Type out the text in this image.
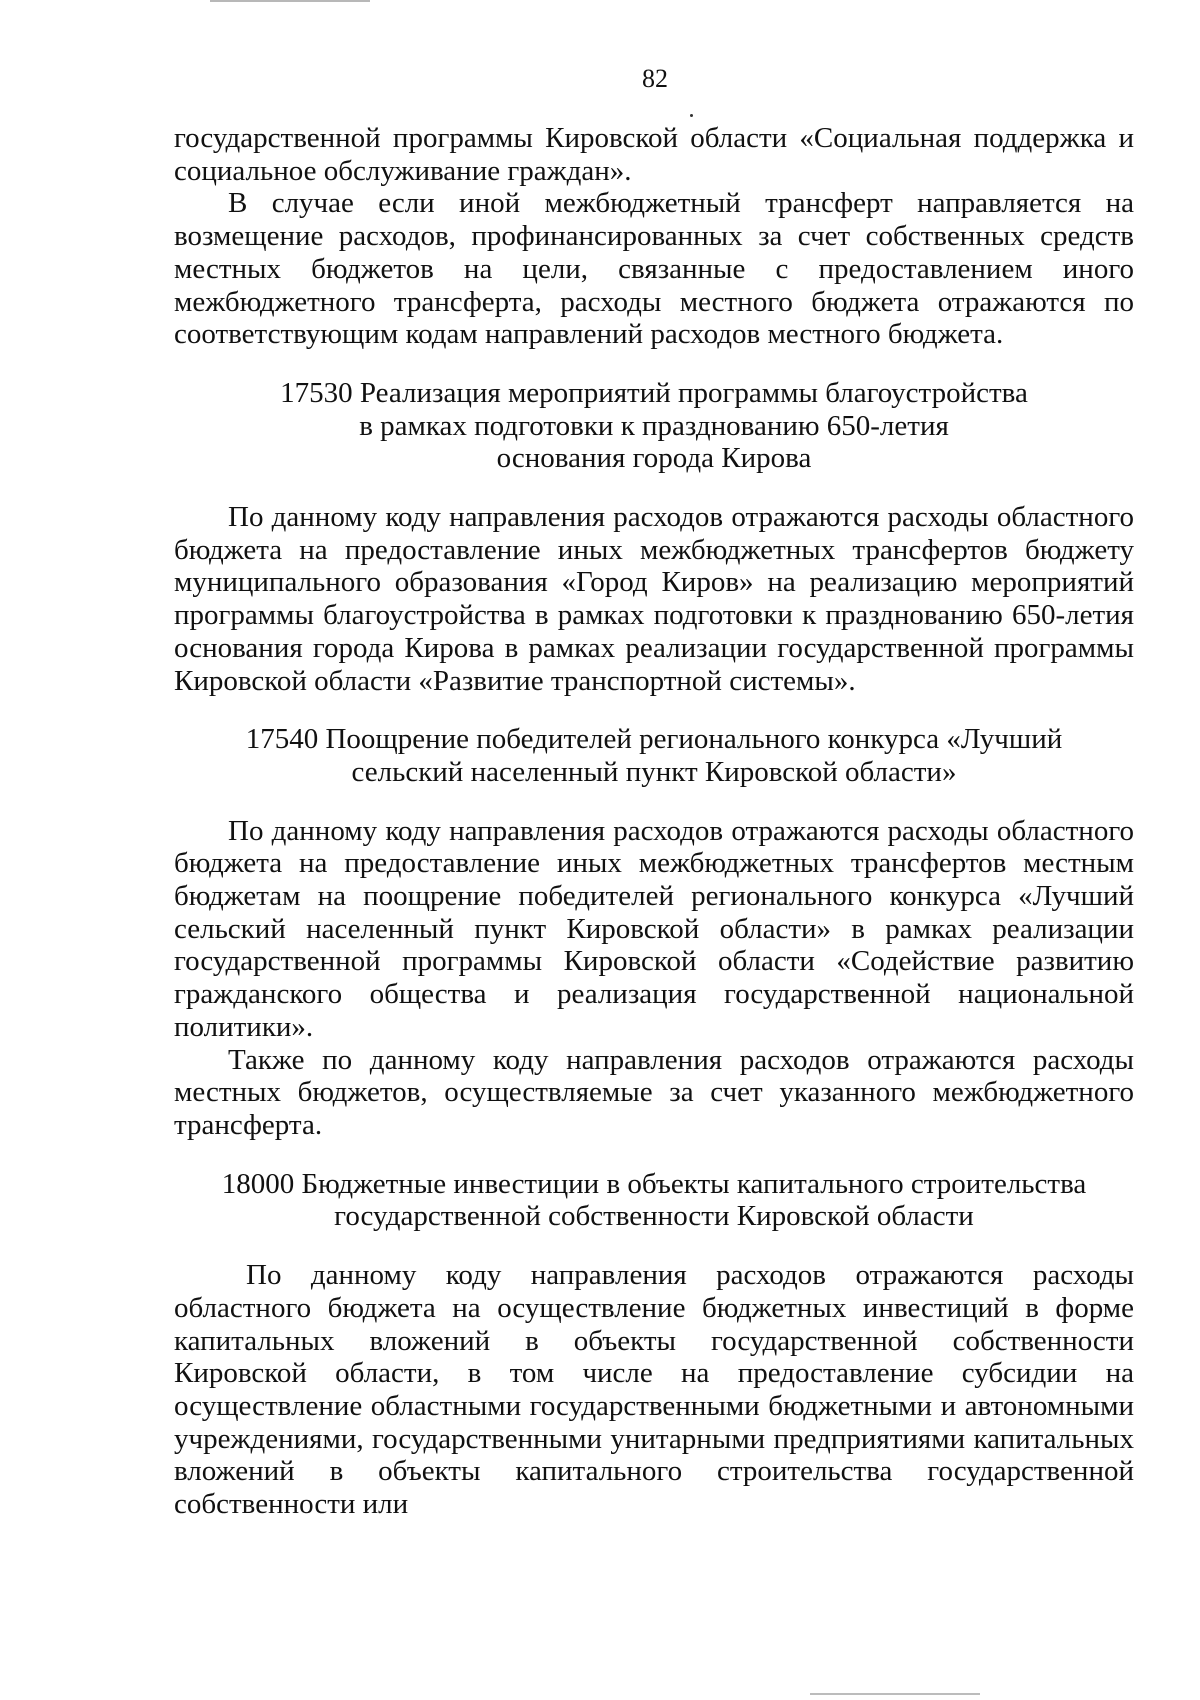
82

государственной программы Кировской области «Социальная поддержка и социальное обслуживание граждан».

В случае если иной межбюджетный трансферт направляется на возмещение расходов, профинансированных за счет собственных средств местных бюджетов на цели, связанные с предоставлением иного межбюджетного трансферта, расходы местного бюджета отражаются по соответствующим кодам направлений расходов местного бюджета.

17530 Реализация мероприятий программы благоустройства
в рамках подготовки к празднованию 650-летия
основания города Кирова

По данному коду направления расходов отражаются расходы областного бюджета на предоставление иных межбюджетных трансфертов бюджету муниципального образования «Город Киров» на реализацию мероприятий программы благоустройства в рамках подготовки к празднованию 650-летия основания города Кирова в рамках реализации государственной программы Кировской области «Развитие транспортной системы».

17540 Поощрение победителей регионального конкурса «Лучший
сельский населенный пункт Кировской области»

По данному коду направления расходов отражаются расходы областного бюджета на предоставление иных межбюджетных трансфертов местным бюджетам на поощрение победителей регионального конкурса «Лучший сельский населенный пункт Кировской области» в рамках реализации государственной программы Кировской области «Содействие развитию гражданского общества и реализация государственной национальной политики».

Также по данному коду направления расходов отражаются расходы местных бюджетов, осуществляемые за счет указанного межбюджетного трансферта.

18000 Бюджетные инвестиции в объекты капитального строительства
государственной собственности Кировской области

По данному коду направления расходов отражаются расходы областного бюджета на осуществление бюджетных инвестиций в форме капитальных вложений в объекты государственной собственности Кировской области, в том числе на предоставление субсидии на осуществление областными государственными бюджетными и автономными учреждениями, государственными унитарными предприятиями капитальных вложений в объекты капитального строительства государственной собственности или
